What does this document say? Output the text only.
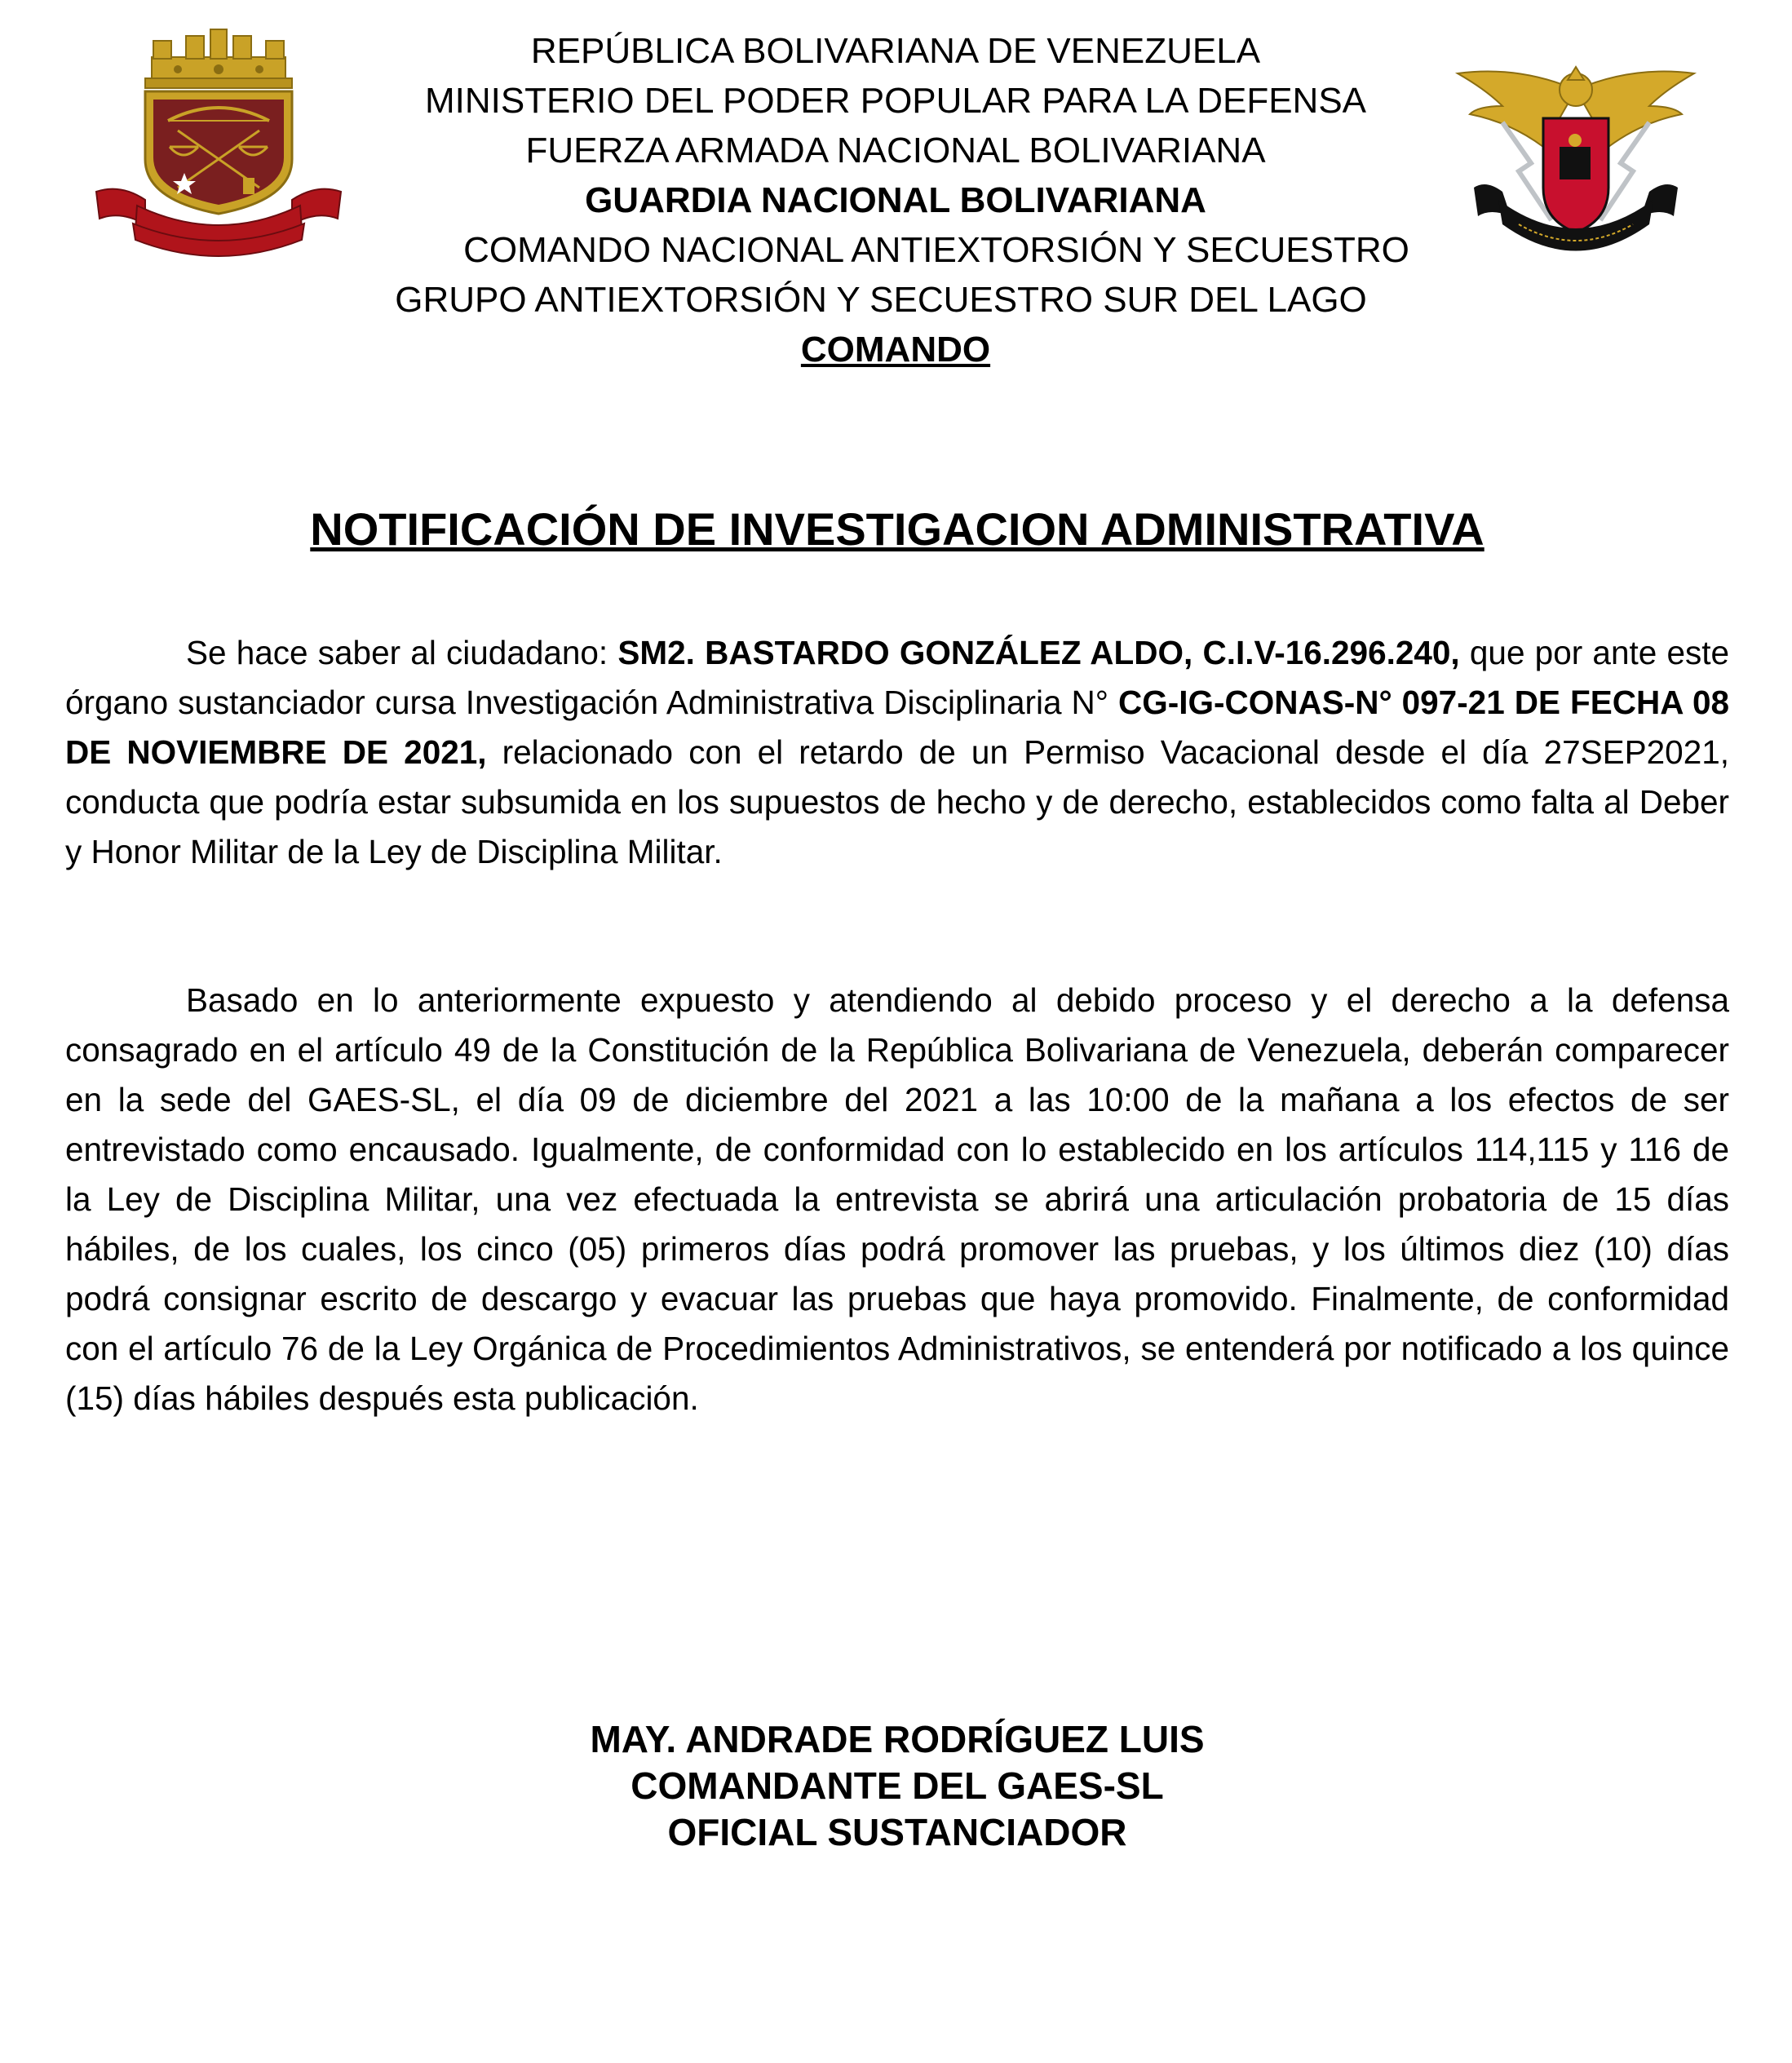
REPÚBLICA BOLIVARIANA DE VENEZUELA
MINISTERIO DEL PODER POPULAR PARA LA DEFENSA
FUERZA ARMADA NACIONAL BOLIVARIANA
GUARDIA NACIONAL BOLIVARIANA
COMANDO NACIONAL ANTIEXTORSIÓN Y SECUESTRO
GRUPO ANTIEXTORSIÓN Y SECUESTRO SUR DEL LAGO
COMANDO
NOTIFICACIÓN DE INVESTIGACION ADMINISTRATIVA

Se hace saber al ciudadano: SM2. BASTARDO GONZÁLEZ ALDO, C.I.V-16.296.240, que por ante este órgano sustanciador cursa Investigación Administrativa Disciplinaria N° CG-IG-CONAS-N° 097-21 DE FECHA 08 DE NOVIEMBRE DE 2021, relacionado con el retardo de un Permiso Vacacional desde el día 27SEP2021, conducta que podría estar subsumida en los supuestos de hecho y de derecho, establecidos como falta al Deber y Honor Militar de la Ley de Disciplina Militar.

Basado en lo anteriormente expuesto y atendiendo al debido proceso y el derecho a la defensa consagrado en el artículo 49 de la Constitución de la República Bolivariana de Venezuela, deberán comparecer en la sede del GAES-SL, el día 09 de diciembre del 2021 a las 10:00 de la mañana a los efectos de ser entrevistado como encausado. Igualmente, de conformidad con lo establecido en los artículos 114,115 y 116 de la Ley de Disciplina Militar, una vez efectuada la entrevista se abrirá una articulación probatoria de 15 días hábiles, de los cuales, los cinco (05) primeros días podrá promover las pruebas, y los últimos diez (10) días podrá consignar escrito de descargo y evacuar las pruebas que haya promovido. Finalmente, de conformidad con el artículo 76 de la Ley Orgánica de Procedimientos Administrativos, se entenderá por notificado a los quince (15) días hábiles después esta publicación.

MAY. ANDRADE RODRÍGUEZ LUIS
COMANDANTE DEL GAES-SL
OFICIAL SUSTANCIADOR
